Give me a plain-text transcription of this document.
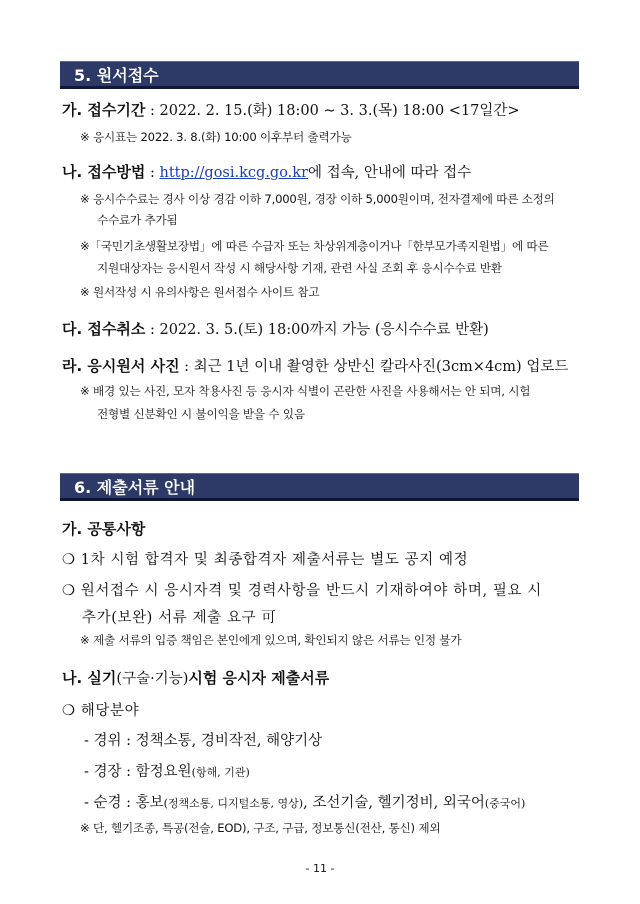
5. 원서접수
가. 접수기간 : 2022. 2. 15.(화) 18:00 ∼ 3. 3.(목) 18:00 <17일간>
※ 응시표는 2022. 3. 8.(화) 10:00 이후부터 출력가능
나. 접수방법 : http://gosi.kcg.go.kr에 접속, 안내에 따라 접수
※ 응시수수료는 경사 이상 경감 이하 7,000원, 경장 이하 5,000원이며, 전자결제에 따른 소정의
수수료가 추가됨
※「국민기초생활보장법」에 따른 수급자 또는 차상위계층이거나「한부모가족지원법」에 따른
지원대상자는 응시원서 작성 시 해당사항 기재, 관련 사실 조회 후 응시수수료 반환
※ 원서작성 시 유의사항은 원서접수 사이트 참고
다. 접수취소 : 2022. 3. 5.(토) 18:00까지 가능 (응시수수료 반환)
라. 응시원서 사진 : 최근 1년 이내 촬영한 상반신 칼라사진(3cm×4cm) 업로드
※ 배경 있는 사진, 모자 착용사진 등 응시자 식별이 곤란한 사진을 사용해서는 안 되며, 시험
전형별 신분확인 시 불이익을 받을 수 있음
6. 제출서류 안내
가. 공통사항
❍ 1차 시험 합격자 및 최종합격자 제출서류는 별도 공지 예정
❍ 원서접수 시 응시자격 및 경력사항을 반드시 기재하여야 하며, 필요 시
추가(보완) 서류 제출 요구 可
※ 제출 서류의 입증 책임은 본인에게 있으며, 확인되지 않은 서류는 인정 불가
나. 실기(구술·기능)시험 응시자 제출서류
❍ 해당분야
- 경위 : 정책소통, 경비작전, 해양기상
- 경장 : 함정요원(항해, 기관)
- 순경 : 홍보(정책소통, 디지털소통, 영상), 조선기술, 헬기정비, 외국어(중국어)
※ 단, 헬기조종, 특공(전술, EOD), 구조, 구급, 정보통신(전산, 통신) 제외
- 11 -
